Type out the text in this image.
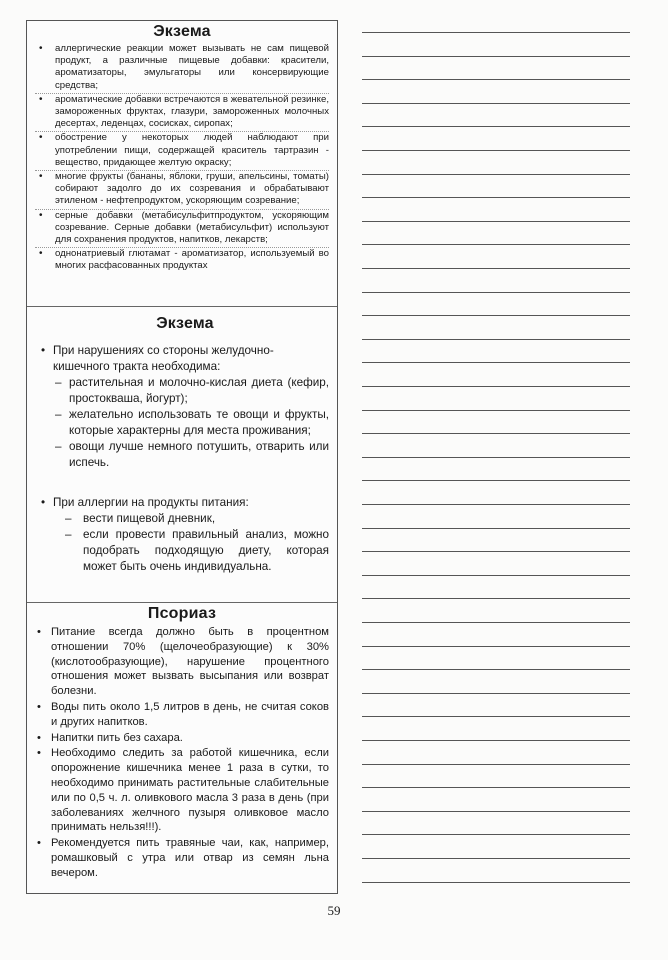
Экзема
• аллергические реакции может вызывать не сам пищевой продукт, а различные пищевые добавки: красители, ароматизаторы, эмульгаторы или консервирующие средства;
• ароматические добавки встречаются в жевательной резинке, замороженных фруктах, глазури, замороженных молочных десертах, леденцах, сосисках, сиропах;
• обострение у некоторых людей наблюдают при употреблении пищи, содержащей краситель тартразин - вещество, придающее желтую окраску;
• многие фрукты (бананы, яблоки, груши, апельсины, томаты) собирают задолго до их созревания и обрабатывают этиленом - нефтепродуктом, ускоряющим созревание;
• серные добавки (метабисульфитпродуктом, ускоряющим созревание. Серные добавки (метабисульфит) используют для сохранения продуктов, напитков, лекарств;
• однонатриевый глютамат - ароматизатор, используемый во многих расфасованных продуктах
Экзема
• При нарушениях со стороны желудочно-кишечного тракта необходима:
– растительная и молочно-кислая диета (кефир, простокваша, йогурт);
– желательно использовать те овощи и фрукты, которые характерны для места проживания;
– овощи лучше немного потушить, отварить или испечь.
• При аллергии на продукты питания:
– вести пищевой дневник,
– если провести правильный анализ, можно подобрать подходящую диету, которая может быть очень индивидуальна.
Псориаз
• Питание всегда должно быть в процентном отношении 70% (щелочеобразующие) к 30% (кислотообразующие), нарушение процентного отношения может вызвать высыпания или возврат болезни.
• Воды пить около 1,5 литров в день, не считая соков и других напитков.
• Напитки пить без сахара.
• Необходимо следить за работой кишечника, если опорожнение кишечника менее 1 раза в сутки, то необходимо принимать растительные слабительные или по 0,5 ч. л. оливкового масла 3 раза в день (при заболеваниях желчного пузыря оливковое масло принимать нельзя!!!).
• Рекомендуется пить травяные чаи, как, например, ромашковый с утра или отвар из семян льна вечером.
59
